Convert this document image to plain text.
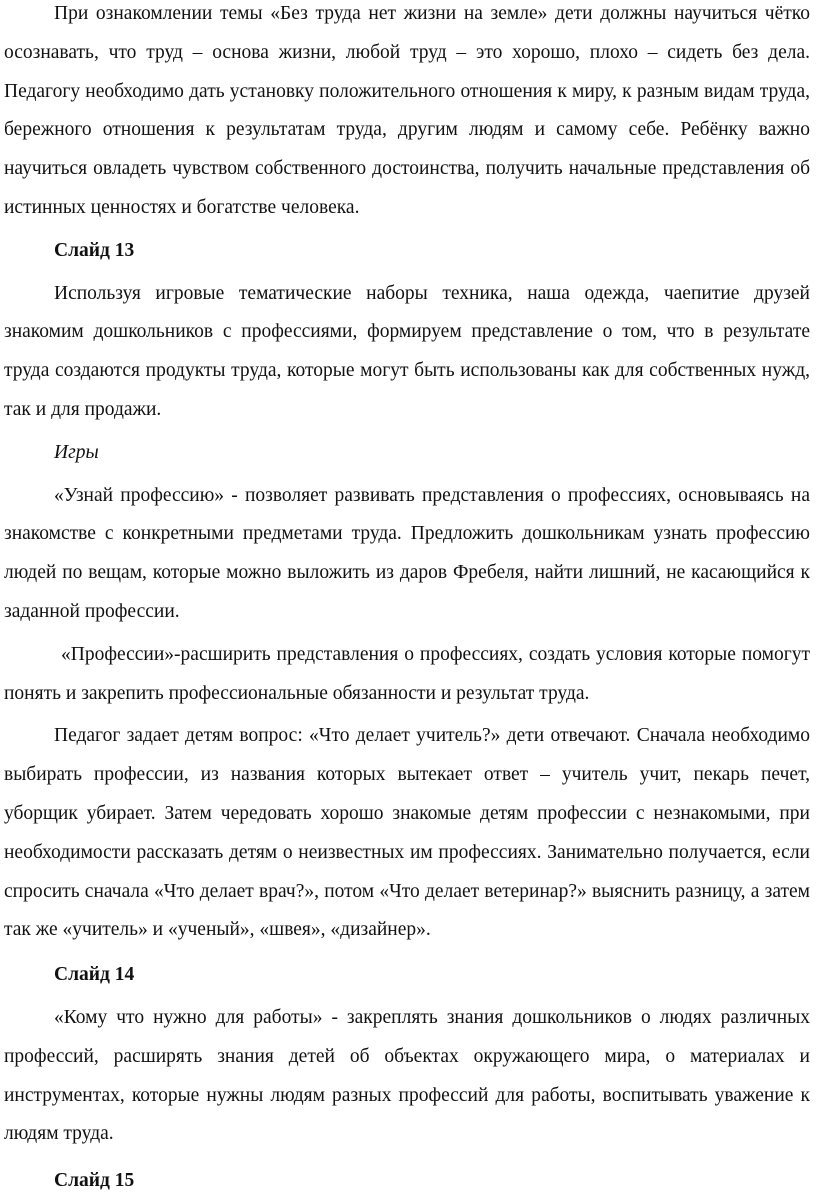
При ознакомлении темы «Без труда нет жизни на земле» дети должны научиться чётко осознавать, что труд – основа жизни, любой труд – это хорошо, плохо – сидеть без дела. Педагогу необходимо дать установку положительного отношения к миру, к разным видам труда, бережного отношения к результатам труда, другим людям и самому себе. Ребёнку важно научиться овладеть чувством собственного достоинства, получить начальные представления об истинных ценностях и богатстве человека.

Слайд 13

Используя игровые тематические наборы техника, наша одежда, чаепитие друзей знакомим дошкольников с профессиями, формируем представление о том, что в результате труда создаются продукты труда, которые могут быть использованы как для собственных нужд, так и для продажи.

Игры

«Узнай профессию» - позволяет развивать представления о профессиях, основываясь на знакомстве с конкретными предметами труда. Предложить дошкольникам узнать профессию людей по вещам, которые можно выложить из даров Фребеля, найти лишний, не касающийся к заданной профессии.

«Профессии»-расширить представления о профессиях, создать условия которые помогут понять и закрепить профессиональные обязанности и результат труда.

Педагог задает детям вопрос: «Что делает учитель?» дети отвечают. Сначала необходимо выбирать профессии, из названия которых вытекает ответ – учитель учит, пекарь печет, уборщик убирает. Затем чередовать хорошо знакомые детям профессии с незнакомыми, при необходимости рассказать детям о неизвестных им профессиях. Занимательно получается, если спросить сначала «Что делает врач?», потом «Что делает ветеринар?» выяснить разницу, а затем так же «учитель» и «ученый», «швея», «дизайнер».

Слайд 14

«Кому что нужно для работы» - закреплять знания дошкольников о людях различных профессий, расширять знания детей об объектах окружающего мира, о материалах и инструментах, которые нужны людям разных профессий для работы, воспитывать уважение к людям труда.

Слайд 15
